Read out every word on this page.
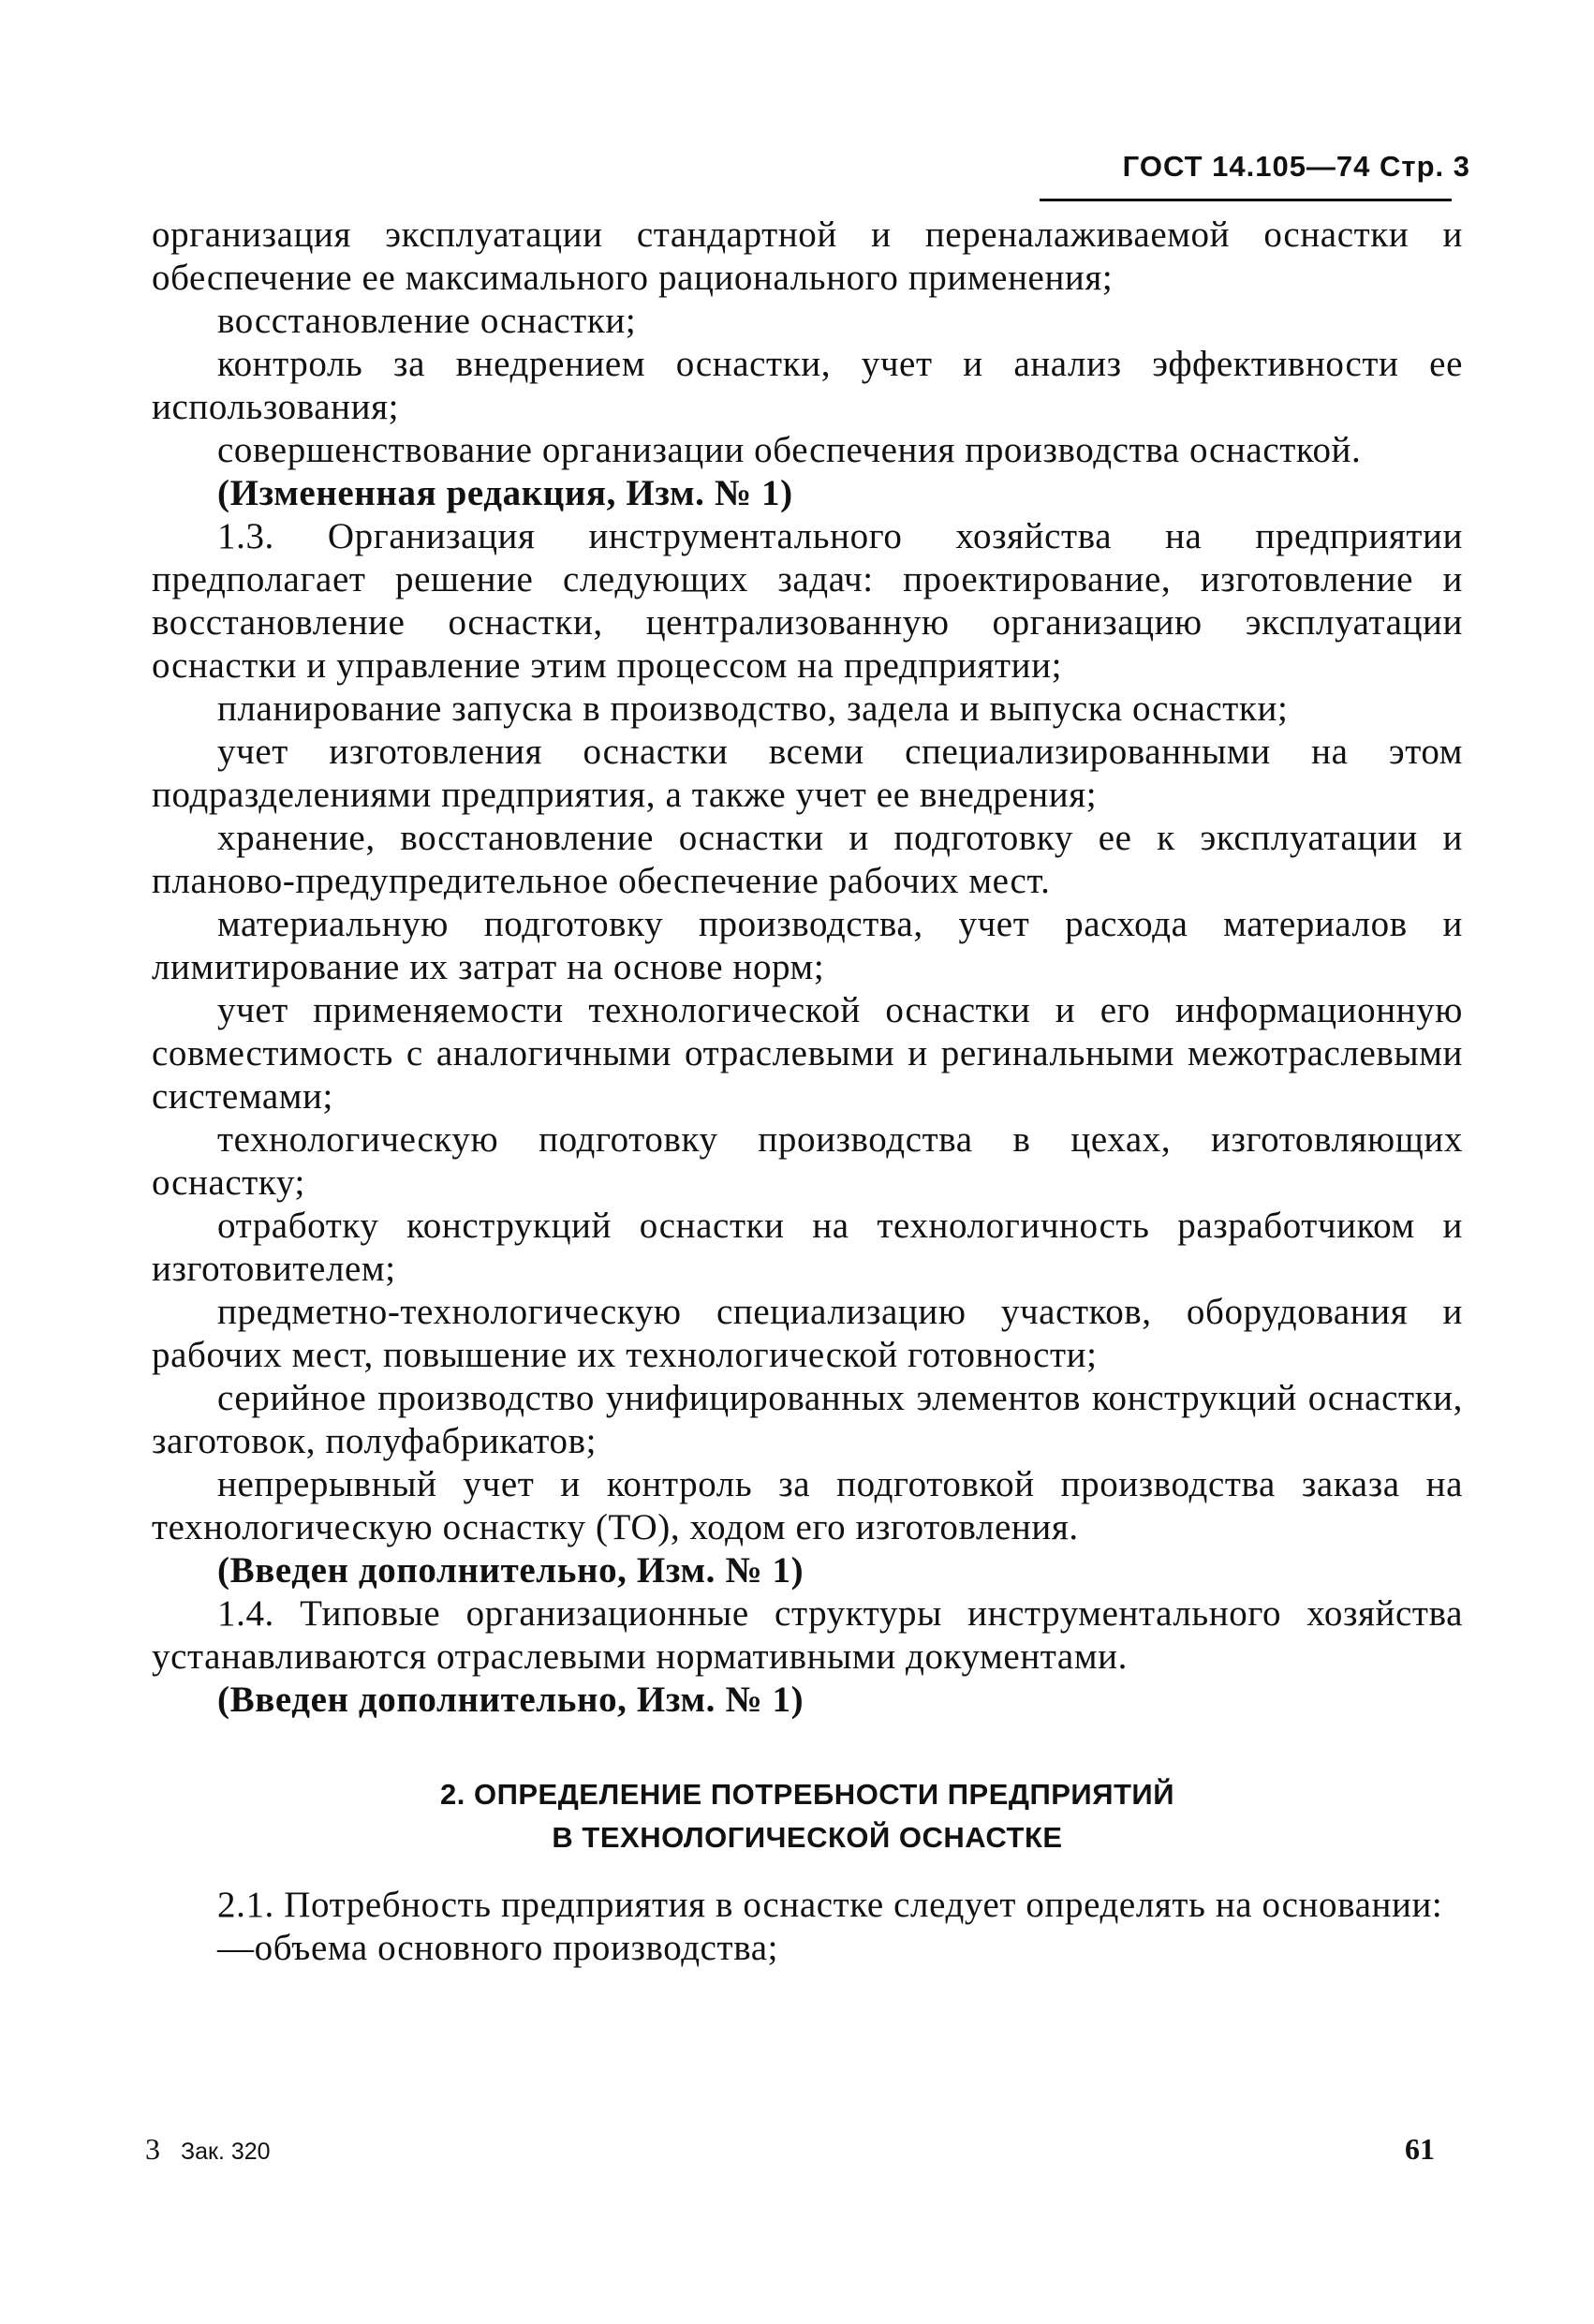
ГОСТ 14.105—74 Стр. 3

организация эксплуатации стандартной и переналаживаемой оснастки и обеспечение ее максимального рационального применения;

восстановление оснастки;

контроль за внедрением оснастки, учет и анализ эффективности ее использования;

совершенствование организации обеспечения производства оснасткой.

(Измененная редакция, Изм. № 1)

1.3. Организация инструментального хозяйства на предприятии предполагает решение следующих задач: проектирование, изготовление и восстановление оснастки, централизованную организацию эксплуатации оснастки и управление этим процессом на предприятии;

планирование запуска в производство, задела и выпуска оснастки;

учет изготовления оснастки всеми специализированными на этом подразделениями предприятия, а также учет ее внедрения;

хранение, восстановление оснастки и подготовку ее к эксплуатации и планово-предупредительное обеспечение рабочих мест.

материальную подготовку производства, учет расхода материалов и лимитирование их затрат на основе норм;

учет применяемости технологической оснастки и его информационную совместимость с аналогичными отраслевыми и регинальными межотраслевыми системами;

технологическую подготовку производства в цехах, изготовляющих оснастку;

отработку конструкций оснастки на технологичность разработчиком и изготовителем;

предметно-технологическую специализацию участков, оборудования и рабочих мест, повышение их технологической готовности;

серийное производство унифицированных элементов конструкций оснастки, заготовок, полуфабрикатов;

непрерывный учет и контроль за подготовкой производства заказа на технологическую оснастку (ТО), ходом его изготовления.

(Введен дополнительно, Изм. № 1)

1.4. Типовые организационные структуры инструментального хозяйства устанавливаются отраслевыми нормативными документами.

(Введен дополнительно, Изм. № 1)

2. ОПРЕДЕЛЕНИЕ ПОТРЕБНОСТИ ПРЕДПРИЯТИЙ
В ТЕХНОЛОГИЧЕСКОЙ ОСНАСТКЕ

2.1. Потребность предприятия в оснастке следует определять на основании:

—объема основного производства;

3 Зак. 320	61
